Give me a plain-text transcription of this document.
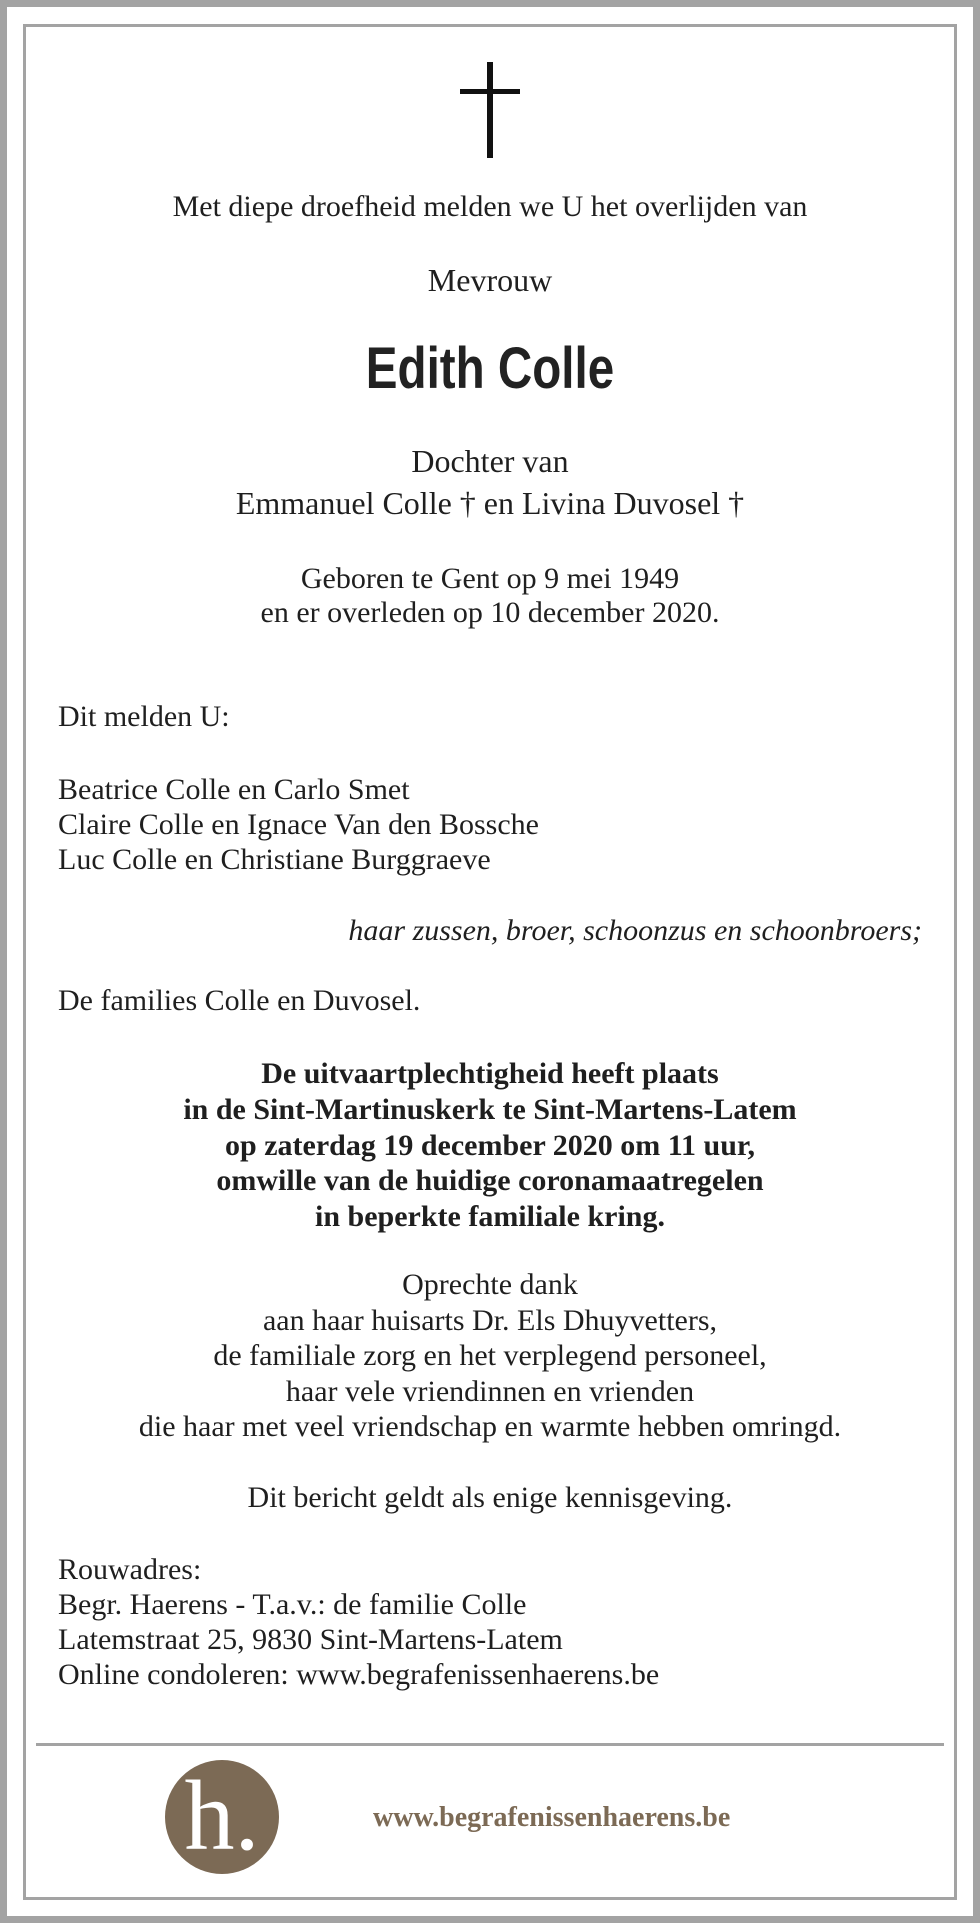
Met diepe droefheid melden we U het overlijden van
Mevrouw
Edith Colle
Dochter van
Emmanuel Colle † en Livina Duvosel †
Geboren te Gent op 9 mei 1949
en er overleden op 10 december 2020.
Dit melden U:
Beatrice Colle en Carlo Smet
Claire Colle en Ignace Van den Bossche
Luc Colle en Christiane Burggraeve
haar zussen, broer, schoonzus en schoonbroers;
De families Colle en Duvosel.
De uitvaartplechtigheid heeft plaats
in de Sint-Martinuskerk te Sint-Martens-Latem
op zaterdag 19 december 2020 om 11 uur,
omwille van de huidige coronamaatregelen
in beperkte familiale kring.
Oprechte dank
aan haar huisarts Dr. Els Dhuyvetters,
de familiale zorg en het verplegend personeel,
haar vele vriendinnen en vrienden
die haar met veel vriendschap en warmte hebben omringd.
Dit bericht geldt als enige kennisgeving.
Rouwadres:
Begr. Haerens - T.a.v.: de familie Colle
Latemstraat 25, 9830 Sint-Martens-Latem
Online condoleren: www.begrafenissenhaerens.be
h.	www.begrafenissenhaerens.be
